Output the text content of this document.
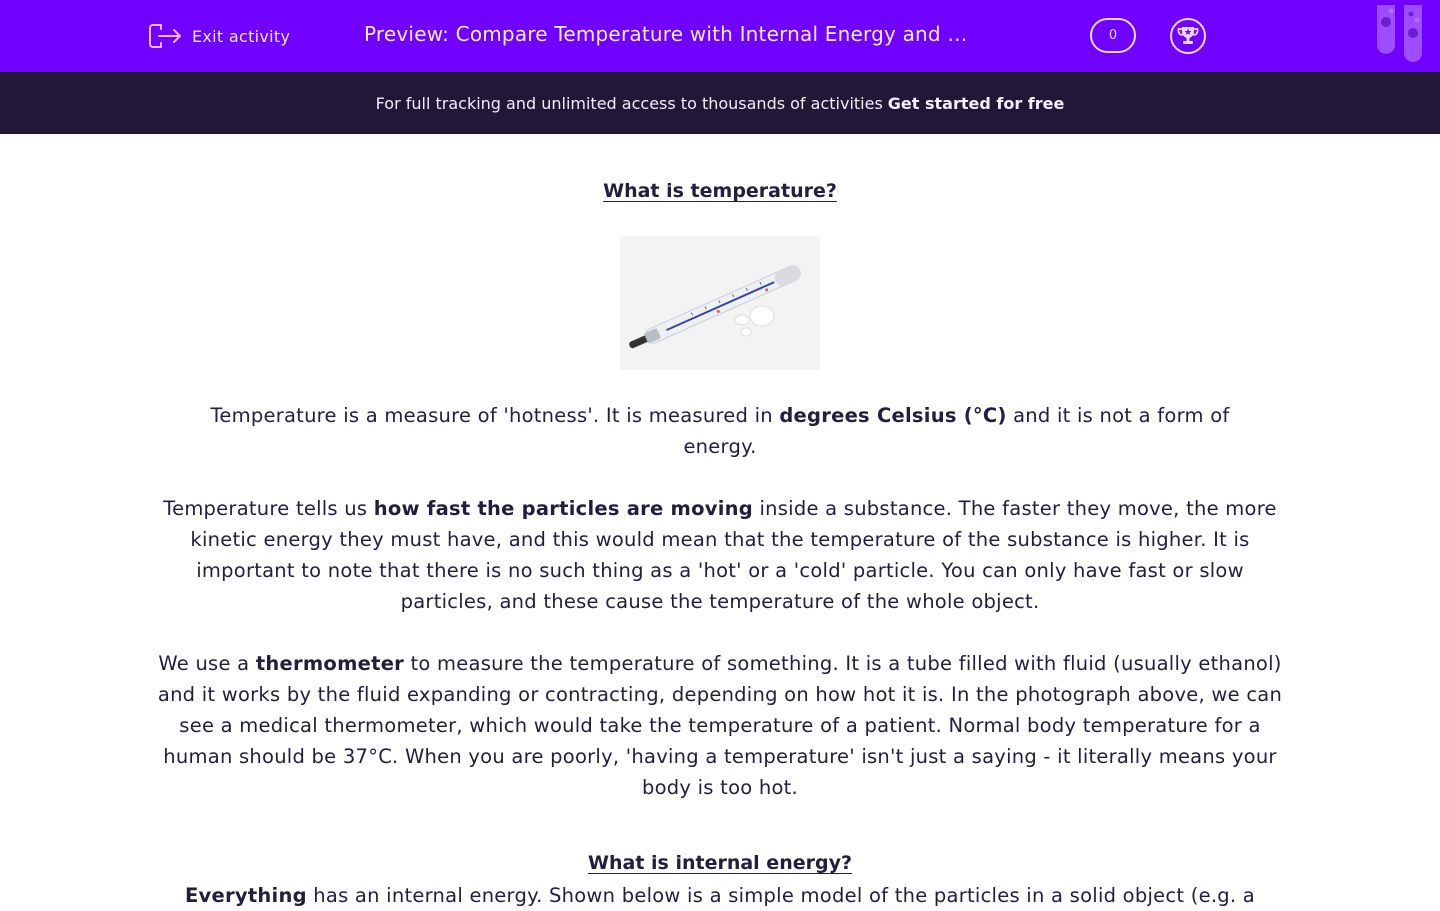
Exit activity	Preview: Compare Temperature with Internal Energy and …	0
For full tracking and unlimited access to thousands of activities Get started for free
What is temperature?

Temperature is a measure of 'hotness'. It is measured in degrees Celsius (°C) and it is not a form of energy.

Temperature tells us how fast the particles are moving inside a substance. The faster they move, the more kinetic energy they must have, and this would mean that the temperature of the substance is higher. It is important to note that there is no such thing as a 'hot' or a 'cold' particle. You can only have fast or slow particles, and these cause the temperature of the whole object.

We use a thermometer to measure the temperature of something. It is a tube filled with fluid (usually ethanol) and it works by the fluid expanding or contracting, depending on how hot it is. In the photograph above, we can see a medical thermometer, which would take the temperature of a patient. Normal body temperature for a human should be 37°C. When you are poorly, 'having a temperature' isn't just a saying - it literally means your body is too hot.

What is internal energy?

Everything has an internal energy. Shown below is a simple model of the particles in a solid object (e.g. a
